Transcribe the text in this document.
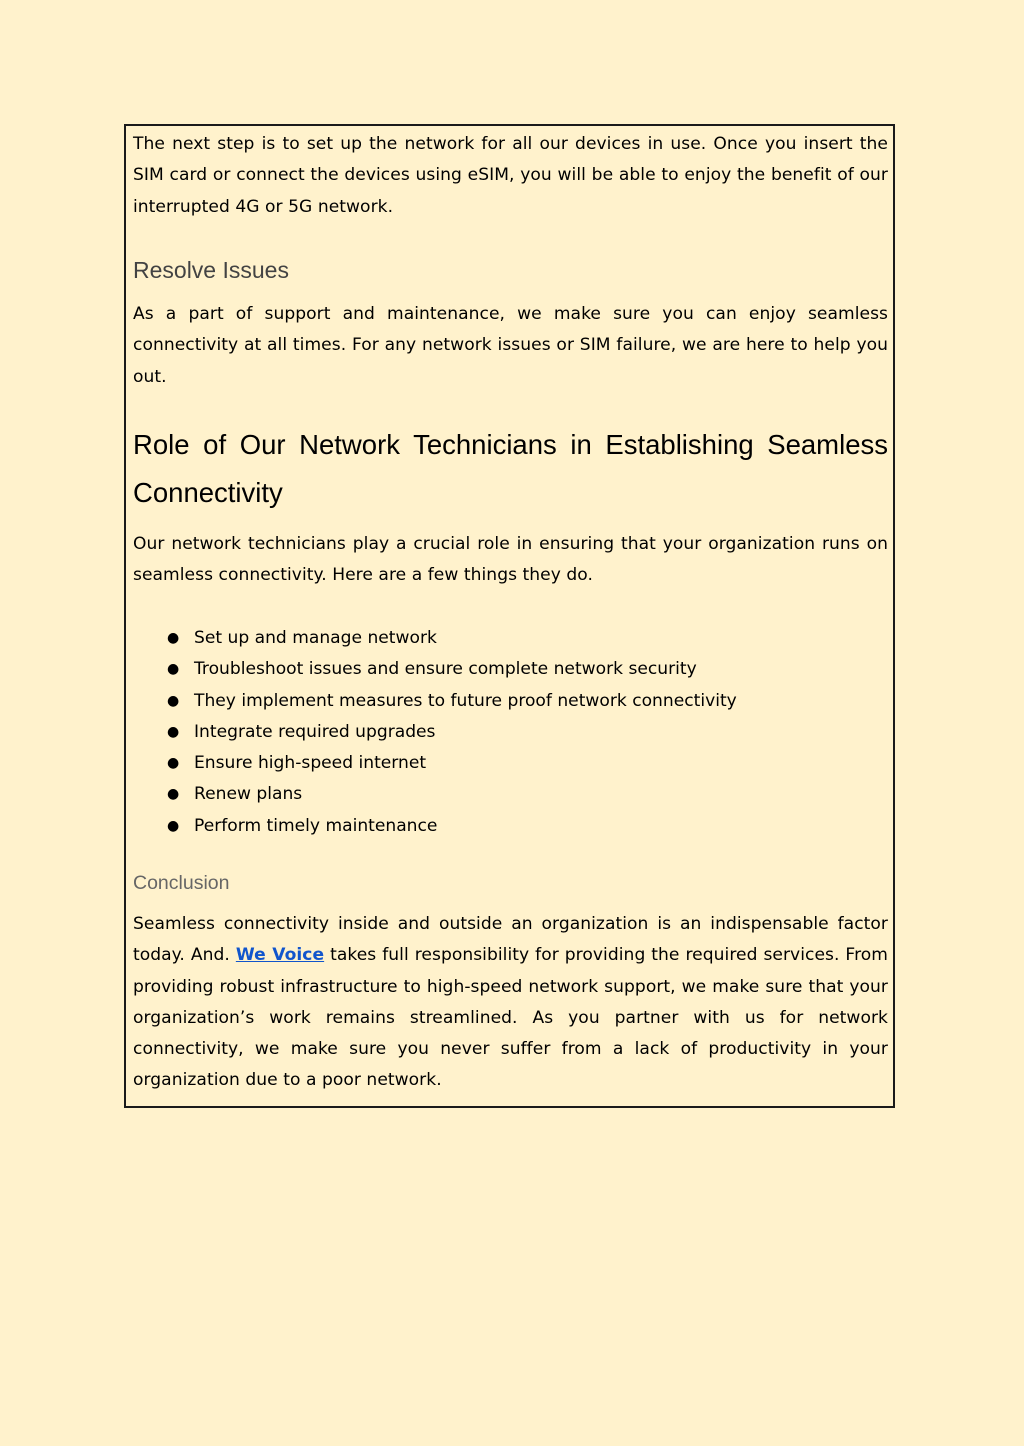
The next step is to set up the network for all our devices in use. Once you insert the SIM card or connect the devices using eSIM, you will be able to enjoy the benefit of our interrupted 4G or 5G network.

Resolve Issues

As a part of support and maintenance, we make sure you can enjoy seamless connectivity at all times. For any network issues or SIM failure, we are here to help you out.

Role of Our Network Technicians in Establishing Seamless Connectivity

Our network technicians play a crucial role in ensuring that your organization runs on seamless connectivity. Here are a few things they do.

● Set up and manage network
● Troubleshoot issues and ensure complete network security
● They implement measures to future proof network connectivity
● Integrate required upgrades
● Ensure high-speed internet
● Renew plans
● Perform timely maintenance
Conclusion

Seamless connectivity inside and outside an organization is an indispensable factor today. And. We Voice takes full responsibility for providing the required services. From providing robust infrastructure to high-speed network support, we make sure that your organization’s work remains streamlined. As you partner with us for network connectivity, we make sure you never suffer from a lack of productivity in your organization due to a poor network.
